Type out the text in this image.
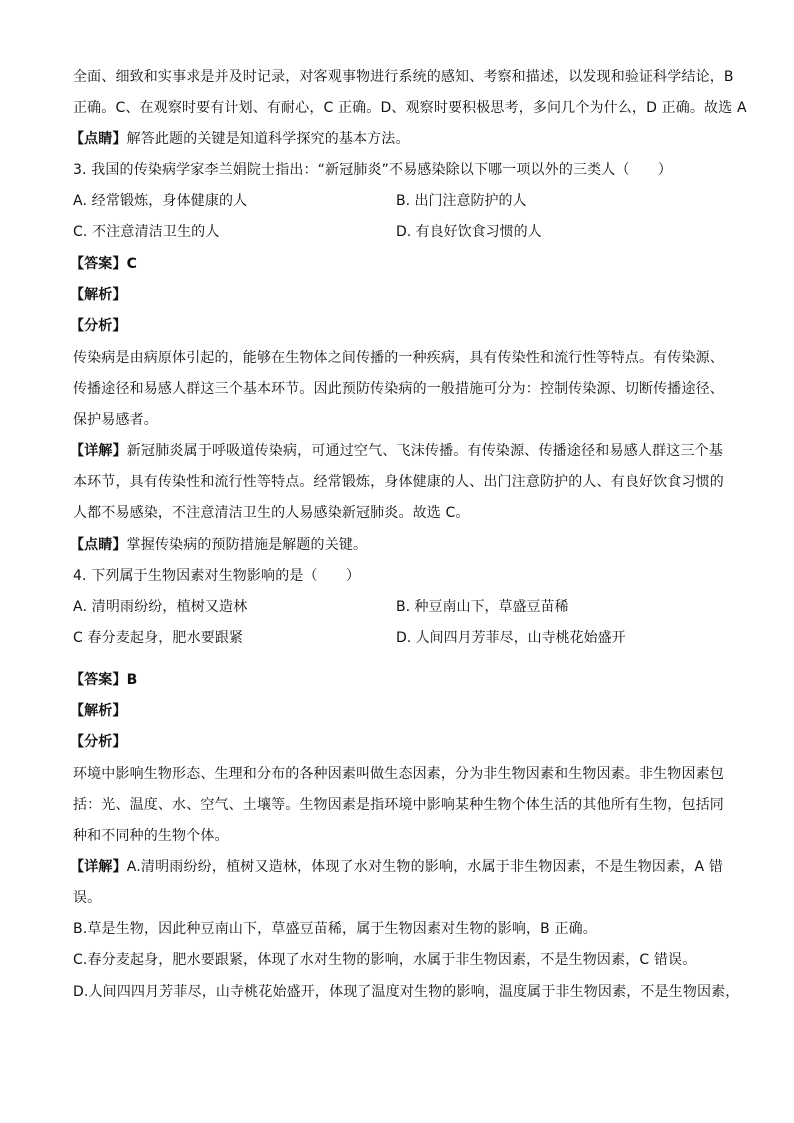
全面、细致和实事求是并及时记录，对客观事物进行系统的感知、考察和描述，以发现和验证科学结论，B
正确。C、在观察时要有计划、有耐心，C 正确。D、观察时要积极思考，多问几个为什么，D 正确。故选 A
【点睛】解答此题的关键是知道科学探究的基本方法。
3. 我国的传染病学家李兰娟院士指出：“新冠肺炎”不易感染除以下哪一项以外的三类人（　　）
A. 经常锻炼，身体健康的人	B. 出门注意防护的人
C. 不注意清洁卫生的人	D. 有良好饮食习惯的人
【答案】C
【解析】
【分析】
传染病是由病原体引起的，能够在生物体之间传播的一种疾病，具有传染性和流行性等特点。有传染源、
传播途径和易感人群这三个基本环节。因此预防传染病的一般措施可分为：控制传染源、切断传播途径、
保护易感者。
【详解】新冠肺炎属于呼吸道传染病，可通过空气、飞沫传播。有传染源、传播途径和易感人群这三个基
本环节，具有传染性和流行性等特点。经常锻炼，身体健康的人、出门注意防护的人、有良好饮食习惯的
人都不易感染，不注意清洁卫生的人易感染新冠肺炎。故选 C。
【点睛】掌握传染病的预防措施是解题的关键。
4. 下列属于生物因素对生物影响的是（　　）
A. 清明雨纷纷，植树又造林	B. 种豆南山下，草盛豆苗稀
C 春分麦起身，肥水要跟紧	D. 人间四月芳菲尽，山寺桃花始盛开
【答案】B
【解析】
【分析】
环境中影响生物形态、生理和分布的各种因素叫做生态因素，分为非生物因素和生物因素。非生物因素包
括：光、温度、水、空气、土壤等。生物因素是指环境中影响某种生物个体生活的其他所有生物，包括同
种和不同种的生物个体。
【详解】A.清明雨纷纷，植树又造林，体现了水对生物的影响，水属于非生物因素，不是生物因素，A 错
误。
B.草是生物，因此种豆南山下，草盛豆苗稀，属于生物因素对生物的影响，B 正确。
C.春分麦起身，肥水要跟紧，体现了水对生物的影响，水属于非生物因素，不是生物因素，C 错误。
D.人间四四月芳菲尽，山寺桃花始盛开，体现了温度对生物的影响，温度属于非生物因素，不是生物因素，
